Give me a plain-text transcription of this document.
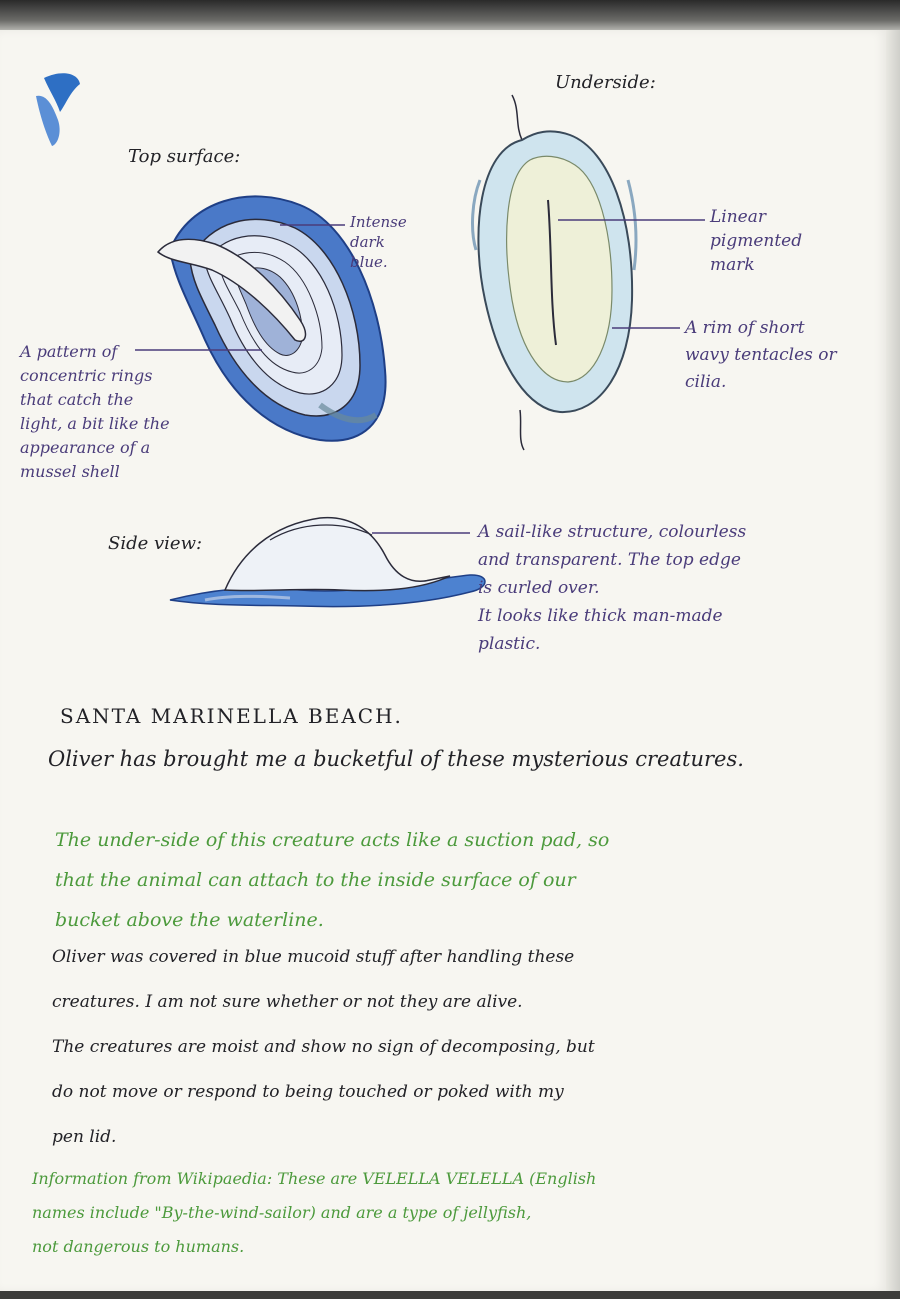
Top surface:
Underside:
Side view:
Intense
dark
blue.
A pattern of
concentric rings
that catch the
light, a bit like the
appearance of a
mussel shell
Linear
pigmented
mark
A rim of short
wavy tentacles or
cilia.
A sail-like structure, colourless
and transparent. The top edge
is curled over.
It looks like thick man-made
plastic.
SANTA MARINELLA BEACH.
Oliver has brought me a bucketful of these mysterious creatures.
The under-side of this creature acts like a suction pad, so
that the animal can attach to the inside surface of our
bucket above the waterline.
Oliver was covered in blue mucoid stuff after handling these
creatures. I am not sure whether or not they are alive.
The creatures are moist and show no sign of decomposing, but
do not move or respond to being touched or poked with my
pen lid.
Information from Wikipaedia: These are VELELLA VELELLA (English
names include "By-the-wind-sailor) and are a type of jellyfish,
not dangerous to humans.
